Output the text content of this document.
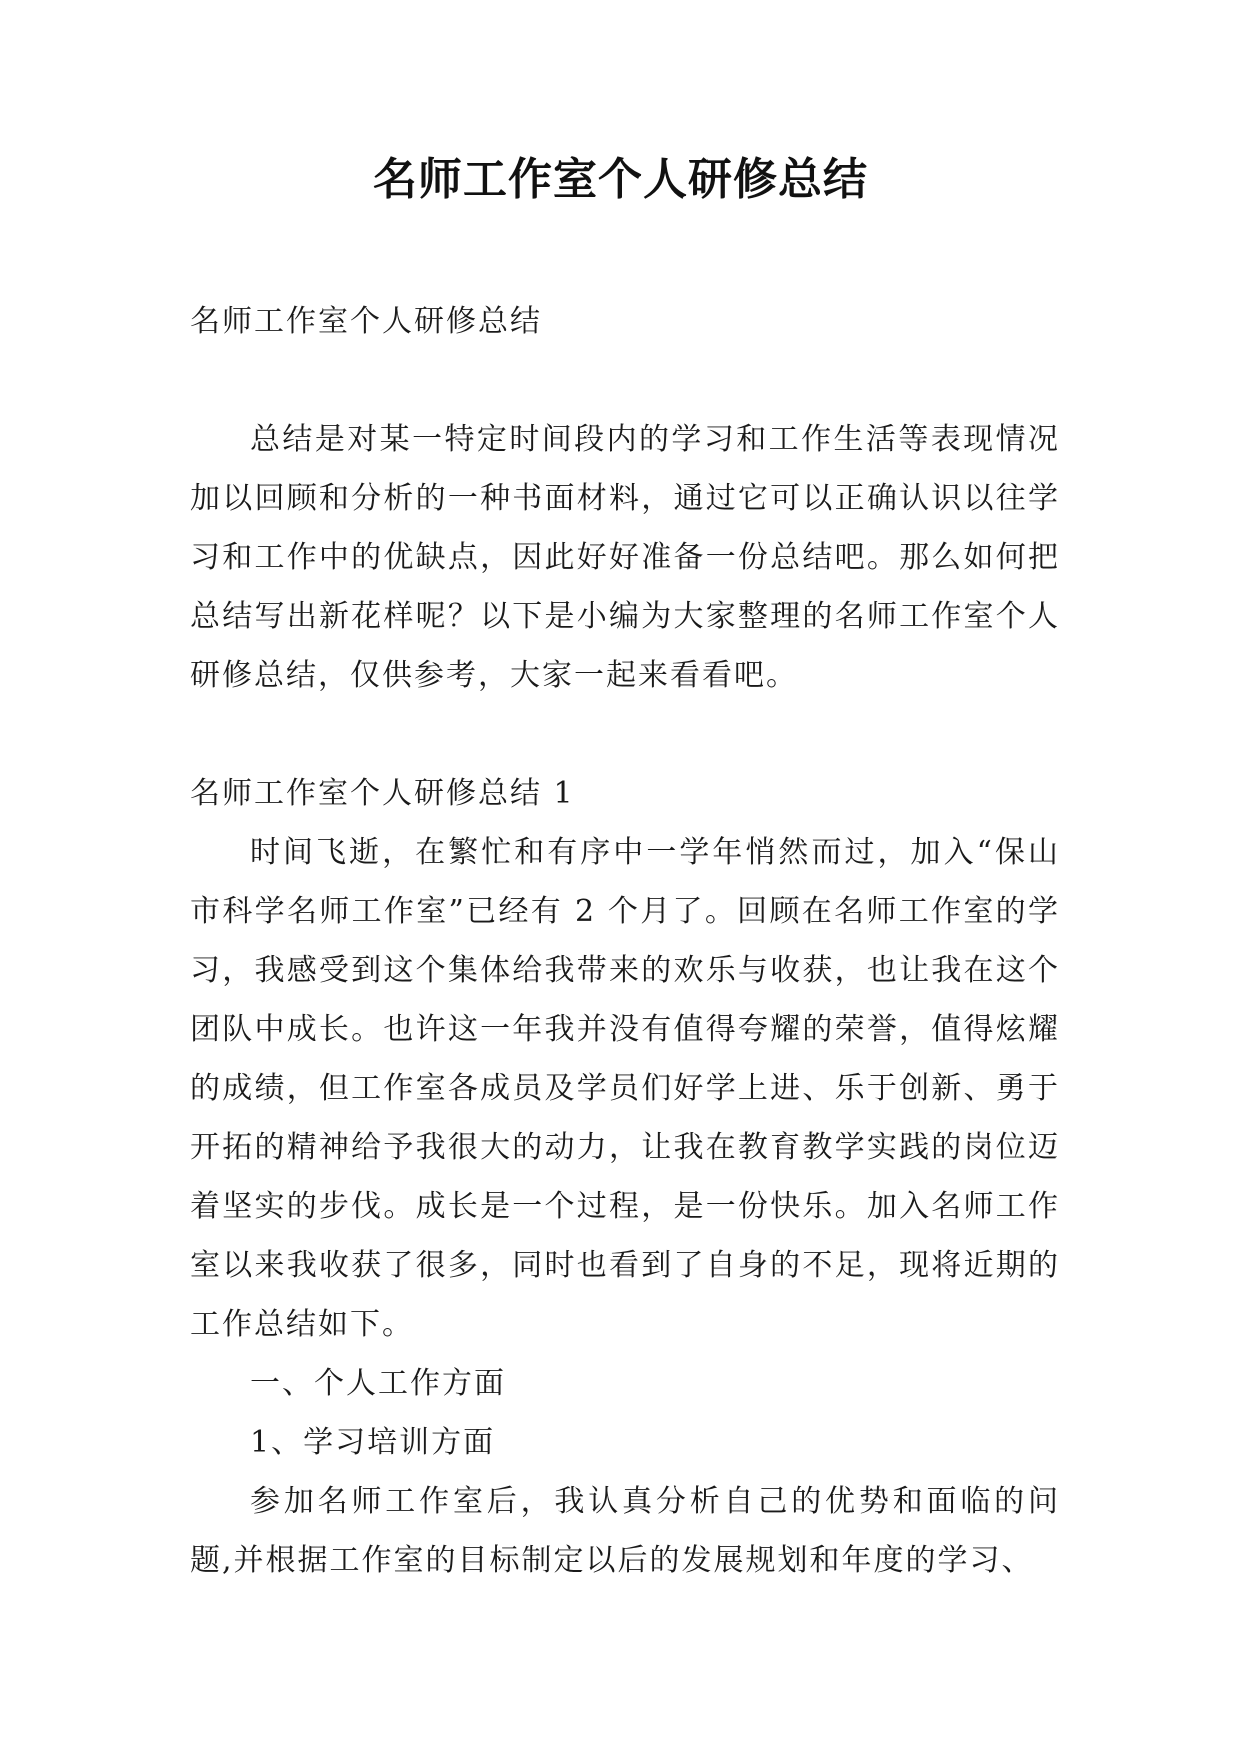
名师工作室个人研修总结

名师工作室个人研修总结

总结是对某一特定时间段内的学习和工作生活等表现情况加以回顾和分析的一种书面材料，通过它可以正确认识以往学习和工作中的优缺点，因此好好准备一份总结吧。那么如何把总结写出新花样呢？以下是小编为大家整理的名师工作室个人研修总结，仅供参考，大家一起来看看吧。

名师工作室个人研修总结 1

时间飞逝，在繁忙和有序中一学年悄然而过，加入“保山市科学名师工作室”已经有 2 个月了。回顾在名师工作室的学习，我感受到这个集体给我带来的欢乐与收获，也让我在这个团队中成长。也许这一年我并没有值得夸耀的荣誉，值得炫耀的成绩，但工作室各成员及学员们好学上进、乐于创新、勇于开拓的精神给予我很大的动力，让我在教育教学实践的岗位迈着坚实的步伐。成长是一个过程，是一份快乐。加入名师工作室以来我收获了很多，同时也看到了自身的不足，现将近期的工作总结如下。

一、个人工作方面

1、学习培训方面

参加名师工作室后，我认真分析自己的优势和面临的问题,并根据工作室的目标制定以后的发展规划和年度的学习、
